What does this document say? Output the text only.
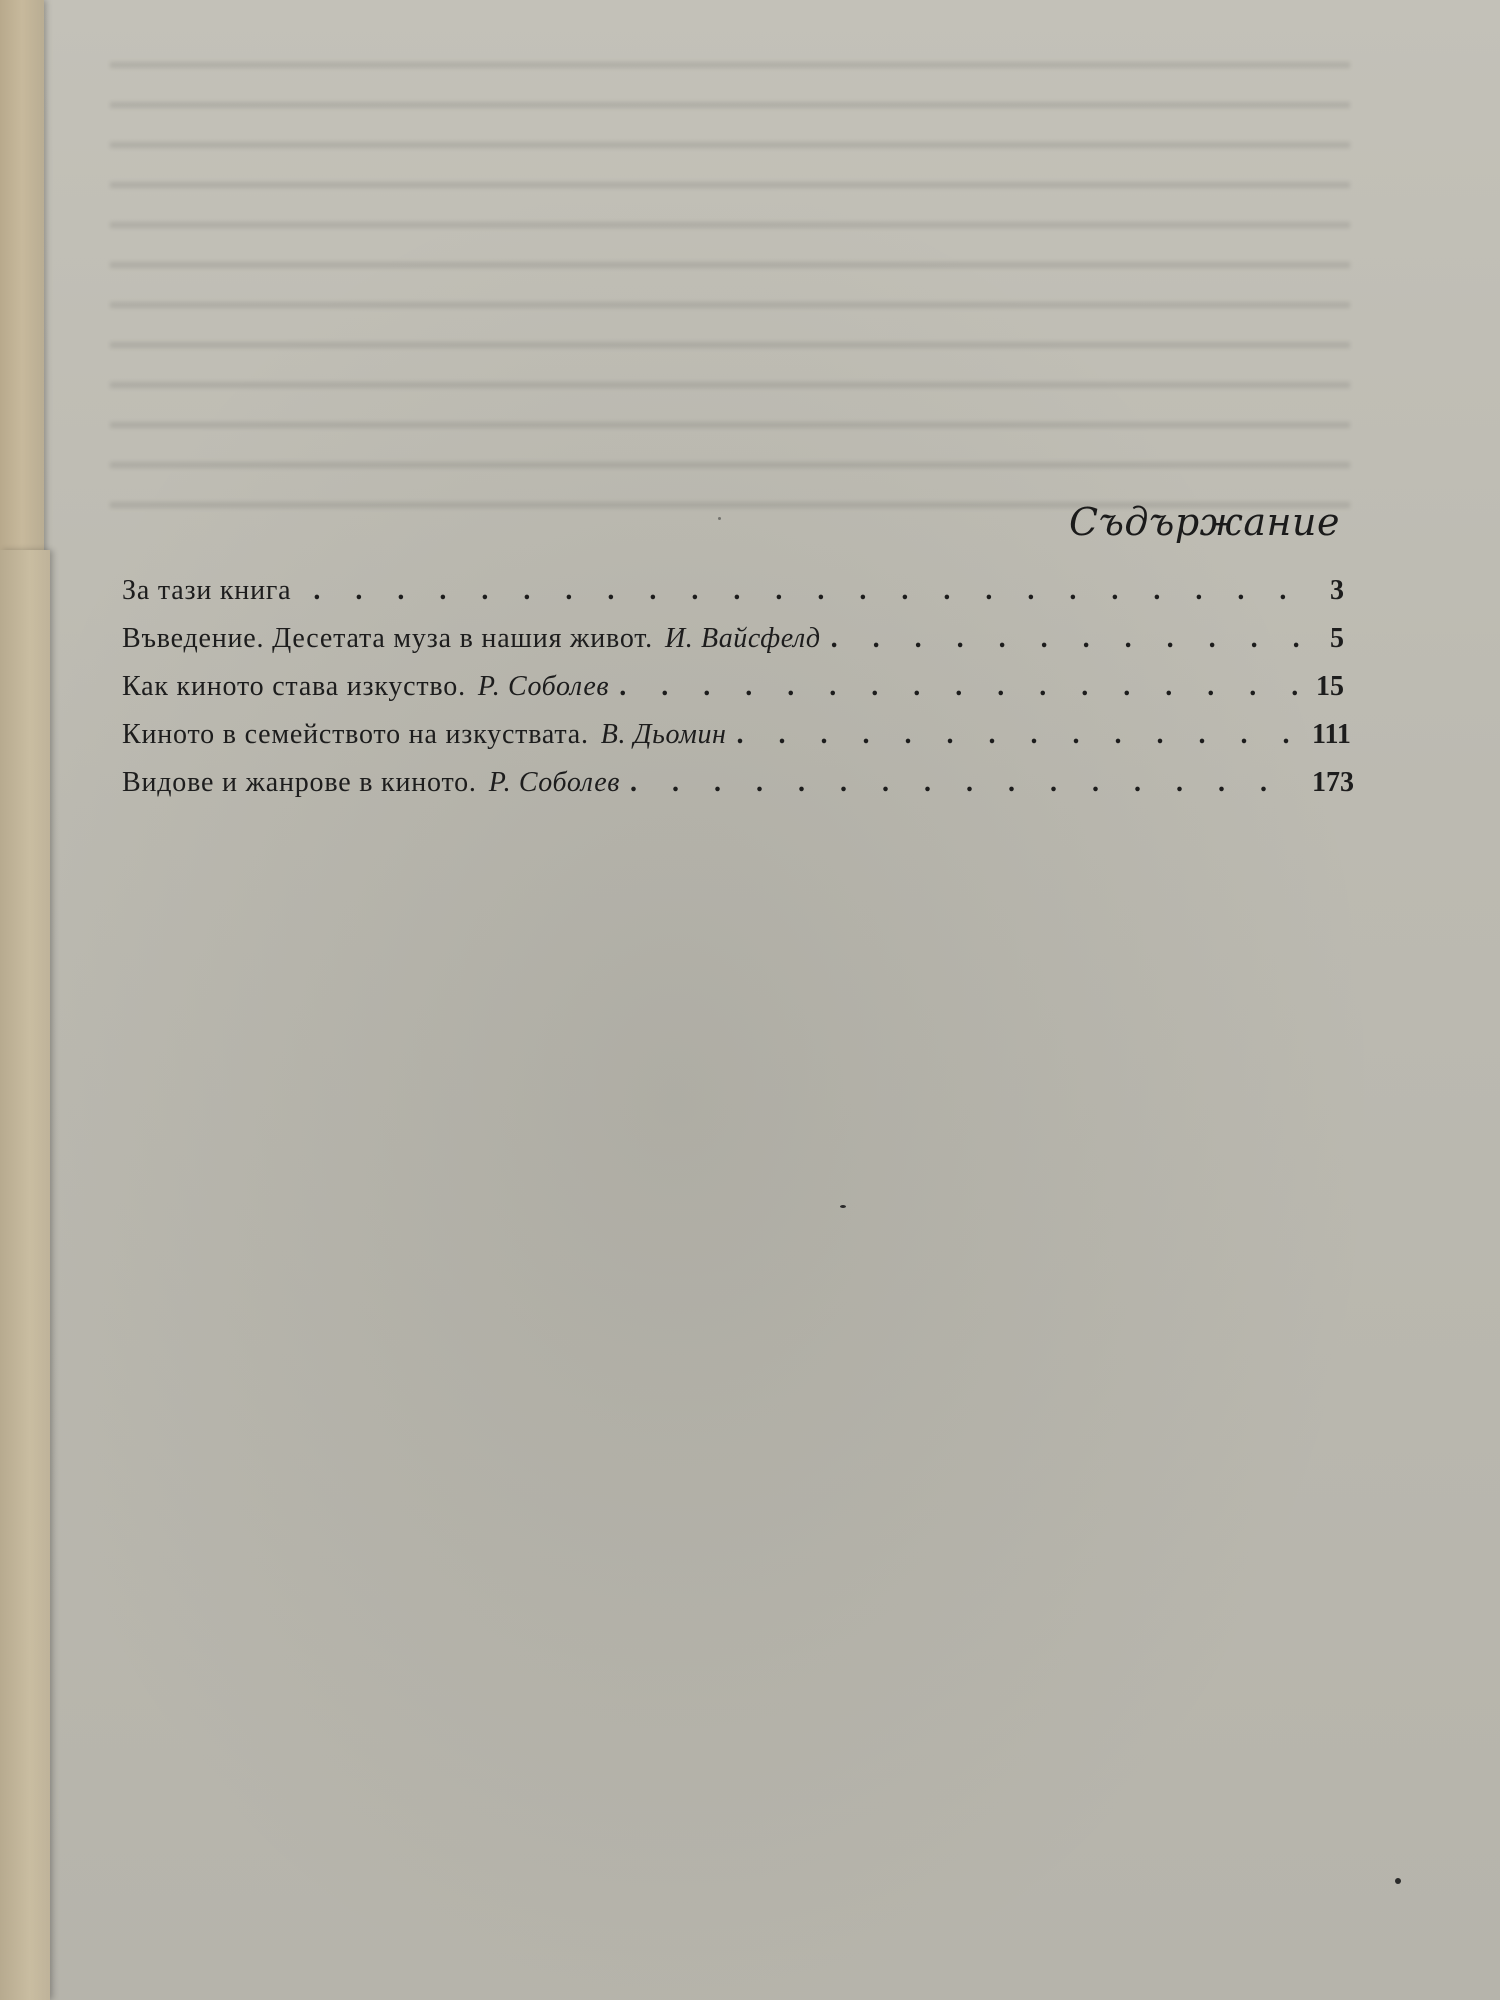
Съдържание
За тази книга . . .	3
Въведение. Десетата муза в нашия живот. И. Вайсфелд . . .	5
Как киното става изкуство. Р. Соболев . . .	15
Киното в семейството на изкуствата. В. Дьомин . . .	111
Видове и жанрове в киното. Р. Соболев . . .	173
